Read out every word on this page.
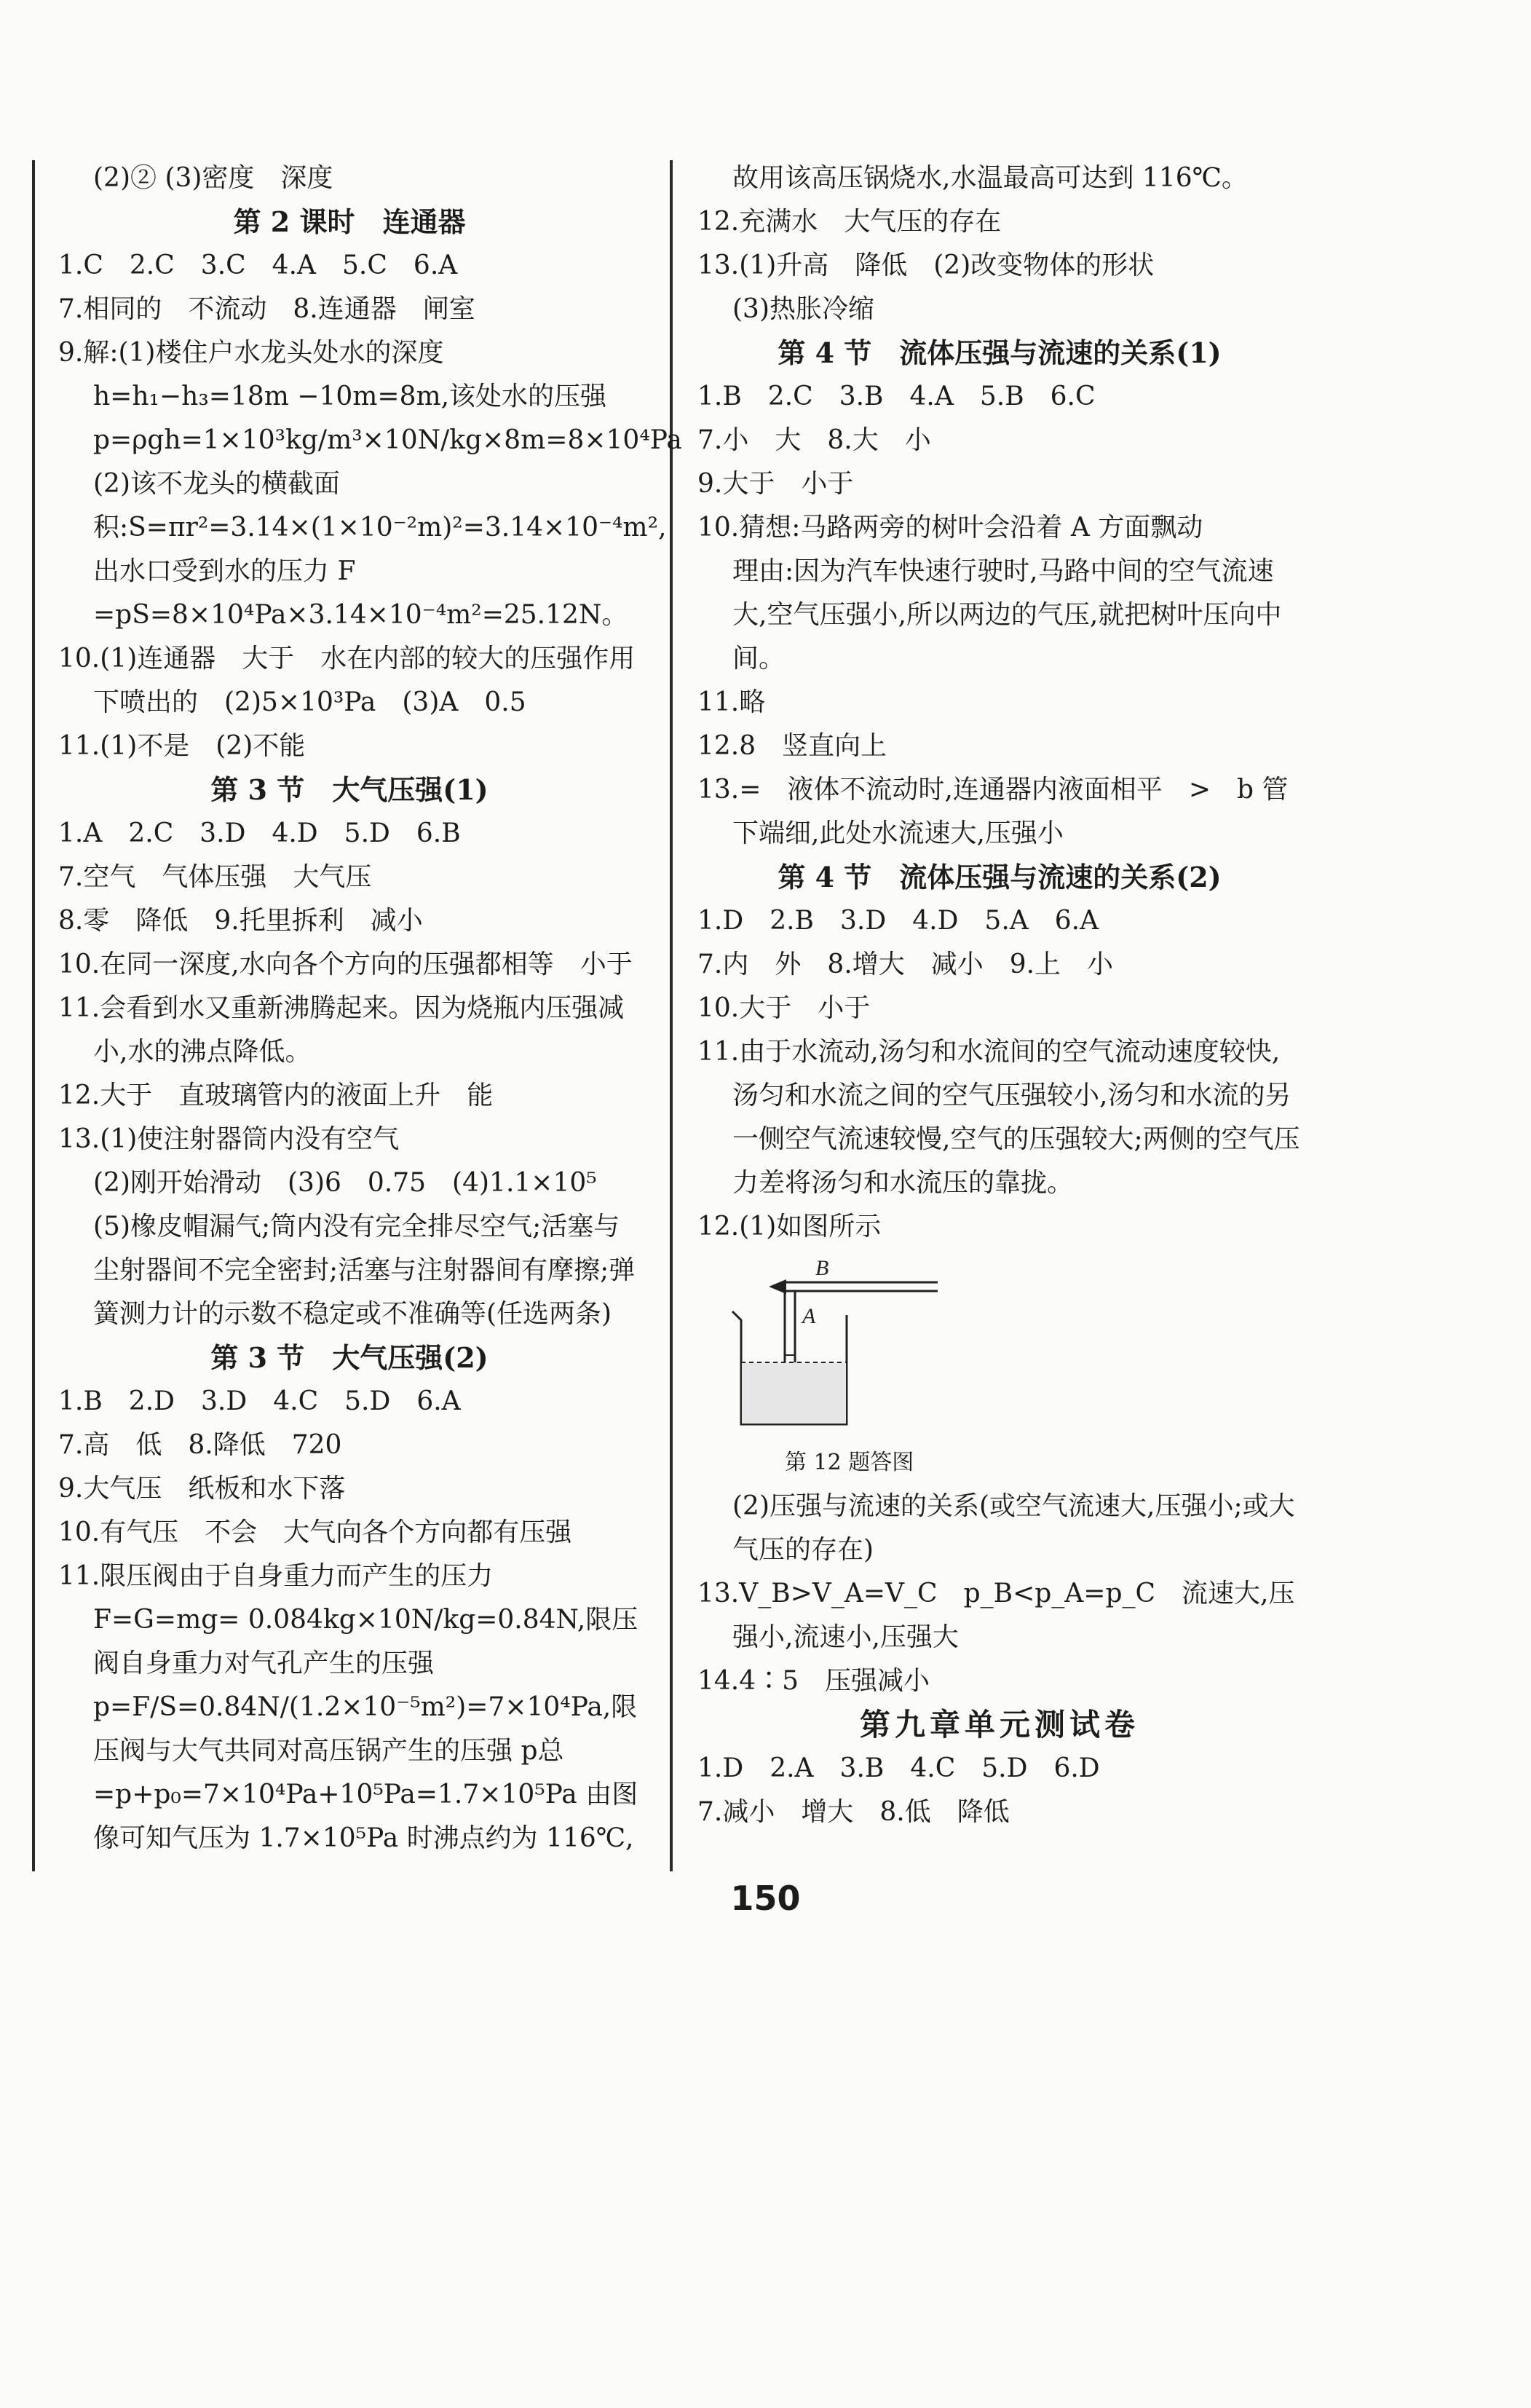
(2)② (3)密度　深度

第 2 课时　连通器

1.C　2.C　3.C　4.A　5.C　6.A

7.相同的　不流动　8.连通器　闸室

9.解:(1)楼住户水龙头处水的深度 h=h₁−h₃=18m −10m=8m,该处水的压强 p=ρgh=1×10³kg/m³×10N/kg×8m=8×10⁴Pa

(2)该不龙头的横截面积:S=πr²=3.14×(1×10⁻²m)²=3.14×10⁻⁴m²,出水口受到水的压力 F =pS=8×10⁴Pa×3.14×10⁻⁴m²=25.12N。

10.(1)连通器　大于　水在内部的较大的压强作用下喷出的　(2)5×10³Pa　(3)A　0.5

11.(1)不是　(2)不能

第 3 节　大气压强(1)

1.A　2.C　3.D　4.D　5.D　6.B

7.空气　气体压强　大气压

8.零　降低　9.托里拆利　减小

10.在同一深度,水向各个方向的压强都相等　小于

11.会看到水又重新沸腾起来。因为烧瓶内压强减小,水的沸点降低。

12.大于　直玻璃管内的液面上升　能

13.(1)使注射器筒内没有空气

(2)刚开始滑动　(3)6　0.75　(4)1.1×10⁵

(5)橡皮帽漏气;筒内没有完全排尽空气;活塞与尘射器间不完全密封;活塞与注射器间有摩擦;弹簧测力计的示数不稳定或不准确等(任选两条)

第 3 节　大气压强(2)

1.B　2.D　3.D　4.C　5.D　6.A

7.高　低　8.降低　720

9.大气压　纸板和水下落

10.有气压　不会　大气向各个方向都有压强

11.限压阀由于自身重力而产生的压力 F=G=mg= 0.084kg×10N/kg=0.84N,限压阀自身重力对气孔产生的压强 p=F/S=0.84N/(1.2×10⁻⁵m²)=7×10⁴Pa,限压阀与大气共同对高压锅产生的压强 p总=p+p₀=7×10⁴Pa+10⁵Pa=1.7×10⁵Pa 由图像可知气压为 1.7×10⁵Pa 时沸点约为 116℃,

故用该高压锅烧水,水温最高可达到 116℃。

12.充满水　大气压的存在

13.(1)升高　降低　(2)改变物体的形状

(3)热胀冷缩

第 4 节　流体压强与流速的关系(1)

1.B　2.C　3.B　4.A　5.B　6.C

7.小　大　8.大　小

9.大于　小于

10.猜想:马路两旁的树叶会沿着 A 方面飘动

理由:因为汽车快速行驶时,马路中间的空气流速大,空气压强小,所以两边的气压,就把树叶压向中间。

11.略

12.8　竖直向上

13.=　液体不流动时,连通器内液面相平　>　b 管下端细,此处水流速大,压强小

第 4 节　流体压强与流速的关系(2)

1.D　2.B　3.D　4.D　5.A　6.A

7.内　外　8.增大　减小　9.上　小

10.大于　小于

11.由于水流动,汤匀和水流间的空气流动速度较快,汤匀和水流之间的空气压强较小,汤匀和水流的另一侧空气流速较慢,空气的压强较大;两侧的空气压力差将汤匀和水流压的靠拢。

12.(1)如图所示

B
A

第 12 题答图

(2)压强与流速的关系(或空气流速大,压强小;或大气压的存在)

13.V_B>V_A=V_C　p_B<p_A=p_C　流速大,压强小,流速小,压强大

14.4∶5　压强减小

第九章单元测试卷

1.D　2.A　3.B　4.C　5.D　6.D

7.减小　增大　8.低　降低

150
